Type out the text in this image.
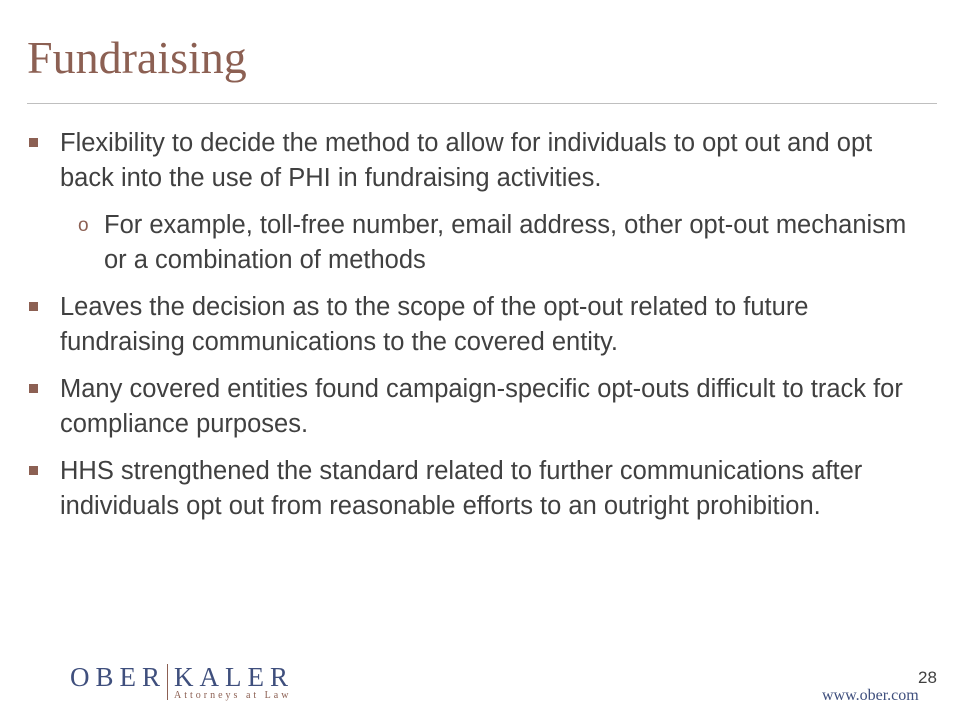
Fundraising
Flexibility to decide the method to allow for individuals to opt out and opt back into the use of PHI in fundraising activities.
o For example, toll-free number, email address, other opt-out mechanism or a combination of methods
Leaves the decision as to the scope of the opt-out related to future fundraising communications to the covered entity.
Many covered entities found campaign-specific opt-outs difficult to track for compliance purposes.
HHS strengthened the standard related to further communications after individuals opt out from reasonable efforts to an outright prohibition.
OBER KALER
Attorneys at Law
28
www.ober.com
